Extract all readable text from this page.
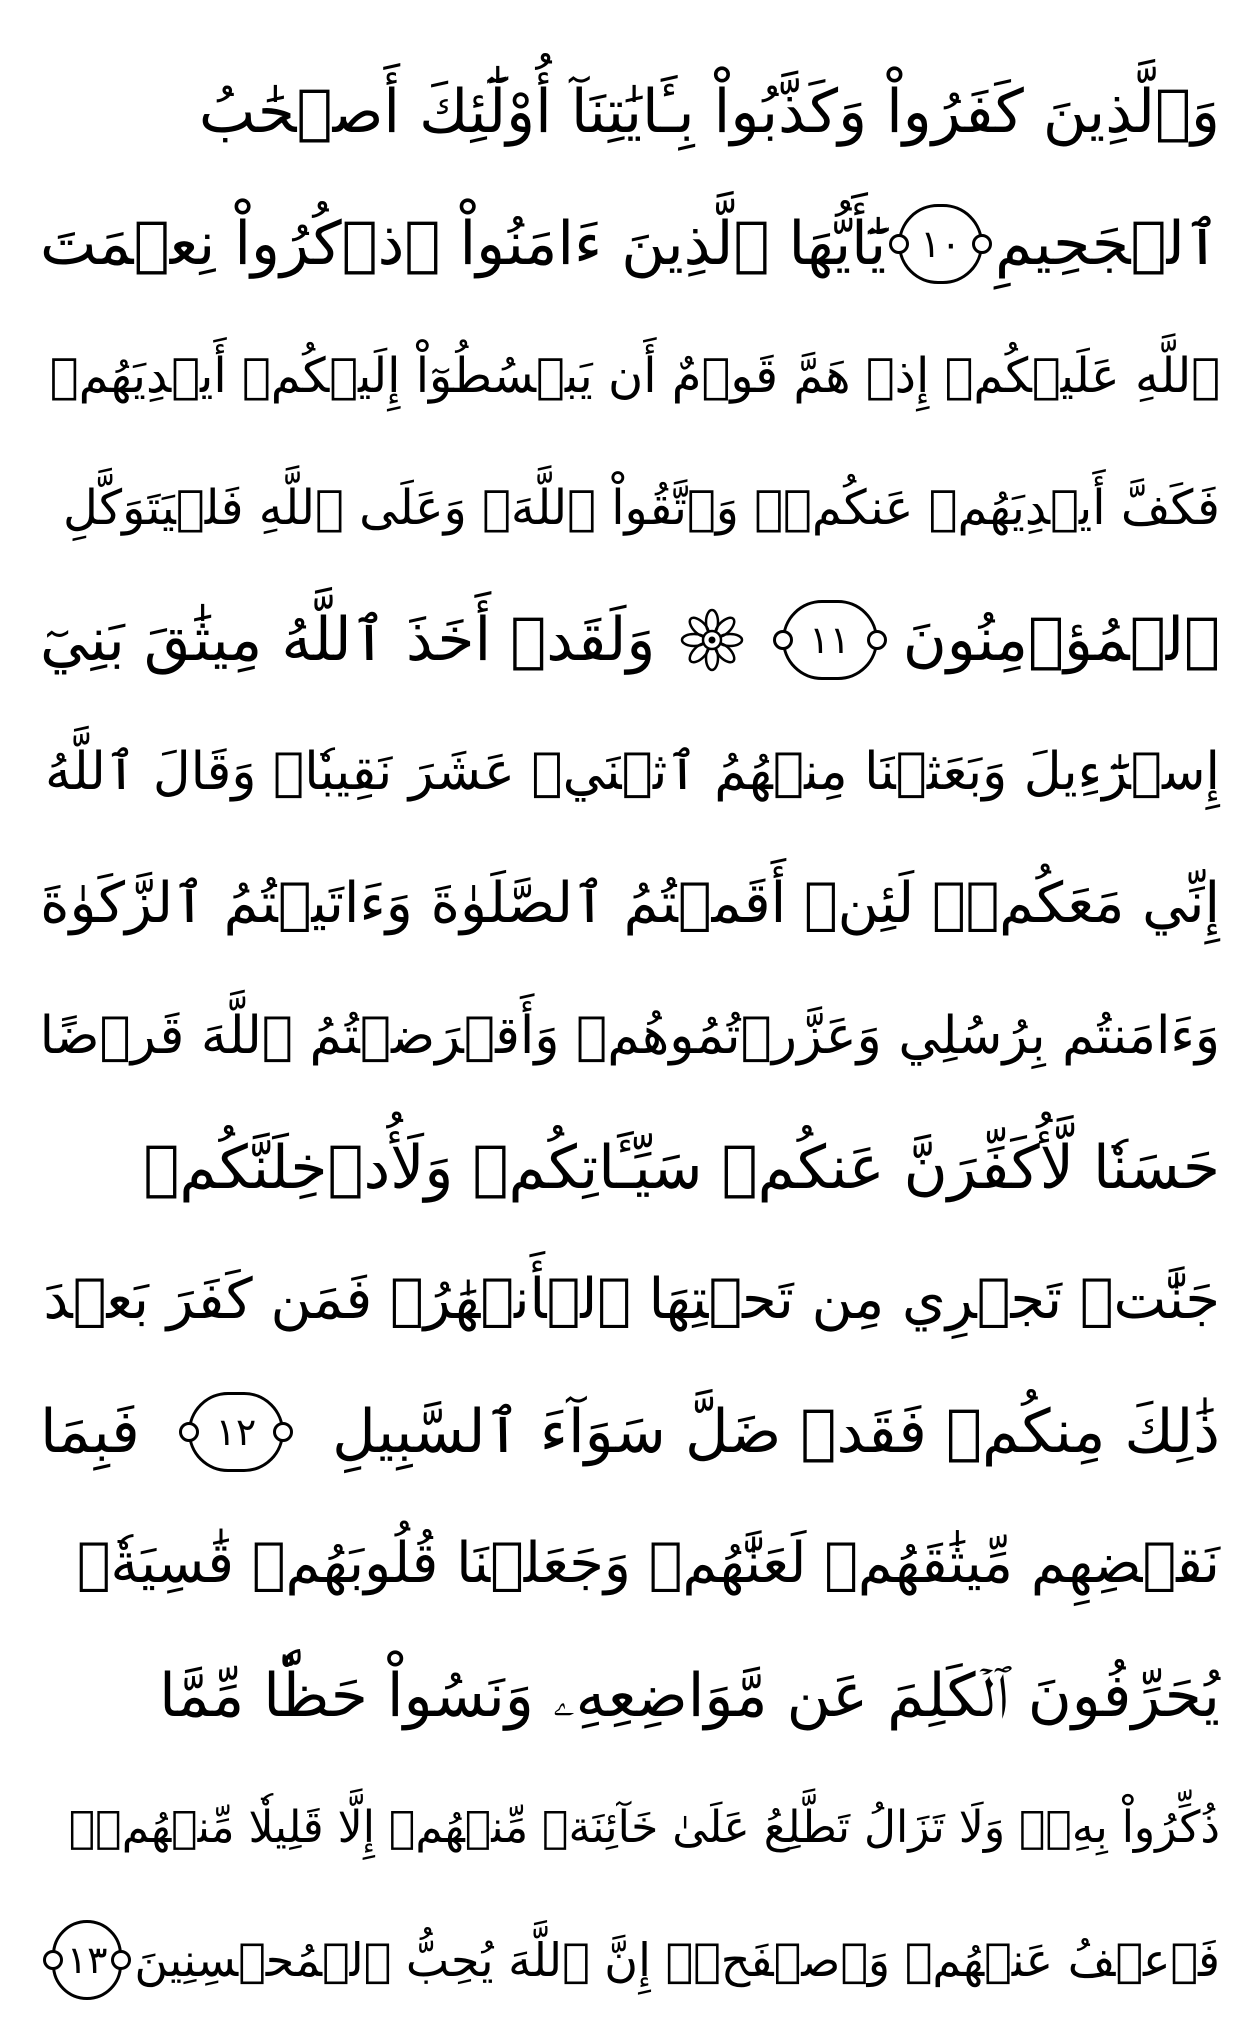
وَٱلَّذِينَ كَفَرُواْ وَكَذَّبُواْ بِـَٔايَٰتِنَآ أُوْلَٰٓئِكَ أَصۡحَٰبُ
ٱلۡجَحِيمِ
١٠
يَٰٓأَيُّهَا ٱلَّذِينَ ءَامَنُواْ ٱذۡكُرُواْ نِعۡمَتَ
ٱللَّهِ عَلَيۡكُمۡ إِذۡ هَمَّ قَوۡمٌ أَن يَبۡسُطُوٓاْ إِلَيۡكُمۡ أَيۡدِيَهُمۡ
فَكَفَّ أَيۡدِيَهُمۡ عَنكُمۡۖ وَٱتَّقُواْ ٱللَّهَۚ وَعَلَى ٱللَّهِ فَلۡيَتَوَكَّلِ
ٱلۡمُؤۡمِنُونَ
١١
وَلَقَدۡ أَخَذَ ٱللَّهُ مِيثَٰقَ بَنِيٓ
إِسۡرَٰٓءِيلَ وَبَعَثۡنَا مِنۡهُمُ ٱثۡنَيۡ عَشَرَ نَقِيبٗاۖ وَقَالَ ٱللَّهُ
إِنِّي مَعَكُمۡۖ لَئِنۡ أَقَمۡتُمُ ٱلصَّلَوٰةَ وَءَاتَيۡتُمُ ٱلزَّكَوٰةَ
وَءَامَنتُم بِرُسُلِي وَعَزَّرۡتُمُوهُمۡ وَأَقۡرَضۡتُمُ ٱللَّهَ قَرۡضًا
حَسَنٗا لَّأُكَفِّرَنَّ عَنكُمۡ سَيِّـَٔاتِكُمۡ وَلَأُدۡخِلَنَّكُمۡ
جَنَّٰتٖ تَجۡرِي مِن تَحۡتِهَا ٱلۡأَنۡهَٰرُۚ فَمَن كَفَرَ بَعۡدَ
ذَٰلِكَ مِنكُمۡ فَقَدۡ ضَلَّ سَوَآءَ ٱلسَّبِيلِ
١٢
فَبِمَا
نَقۡضِهِم مِّيثَٰقَهُمۡ لَعَنَّٰهُمۡ وَجَعَلۡنَا قُلُوبَهُمۡ قَٰسِيَةٗۖ
يُحَرِّفُونَ ٱلۡكَلِمَ عَن مَّوَاضِعِهِۦ وَنَسُواْ حَظّٗا مِّمَّا
ذُكِّرُواْ بِهِۦۚ وَلَا تَزَالُ تَطَّلِعُ عَلَىٰ خَآئِنَةٖ مِّنۡهُمۡ إِلَّا قَلِيلٗا مِّنۡهُمۡۖ
فَٱعۡفُ عَنۡهُمۡ وَٱصۡفَحۡۚ إِنَّ ٱللَّهَ يُحِبُّ ٱلۡمُحۡسِنِينَ
١٣
